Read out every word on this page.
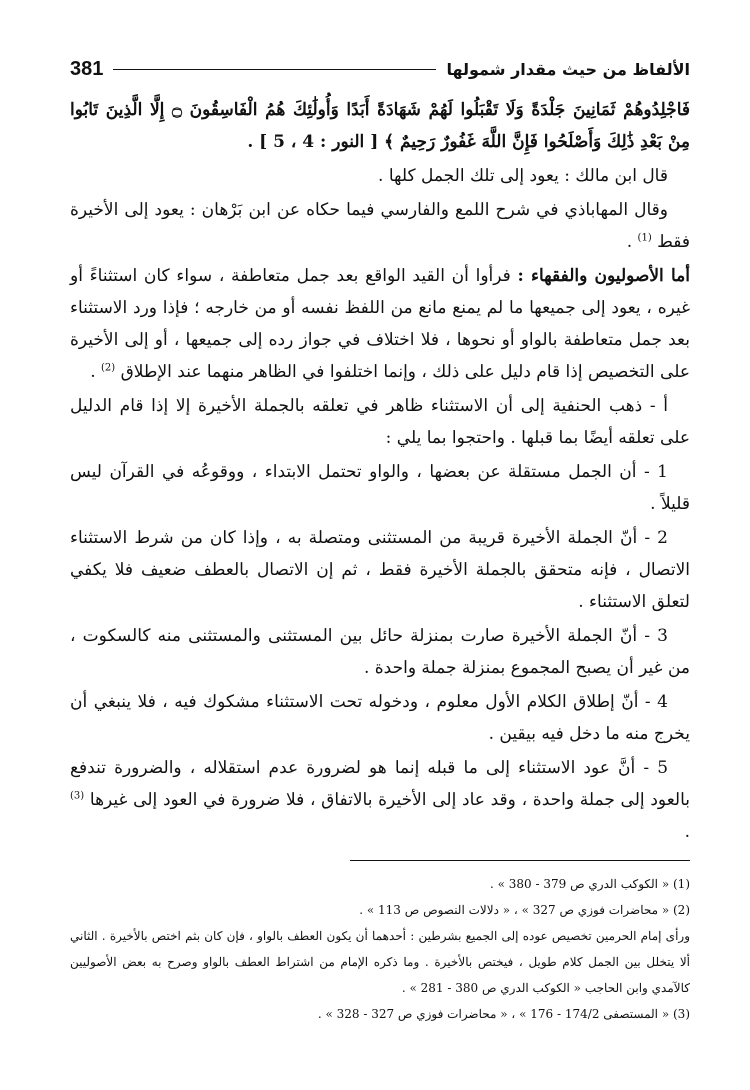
الألفاظ من حيث مقدار شمولها
381

فَاجْلِدُوهُمْ ثَمَانِينَ جَلْدَةً وَلَا تَقْبَلُوا لَهُمْ شَهَادَةً أَبَدًا وَأُولَٰئِكَ هُمُ الْفَاسِقُونَ ۝ إِلَّا الَّذِينَ تَابُوا مِنْ بَعْدِ ذَٰلِكَ وَأَصْلَحُوا فَإِنَّ اللَّهَ غَفُورٌ رَحِيمٌ ﴾ [ النور : 4 ، 5 ] .

قال ابن مالك : يعود إلى تلك الجمل كلها .

وقال المهاباذي في شرح اللمع والفارسي فيما حكاه عن ابن بَرْهان : يعود إلى الأخيرة فقط $^{(1)}$ .

أما الأصوليون والفقهاء : فرأوا أن القيد الواقع بعد جمل متعاطفة ، سواء كان استثناءً أو غيره ، يعود إلى جميعها ما لم يمنع مانع من اللفظ نفسه أو من خارجه ؛ فإذا ورد الاستثناء بعد جمل متعاطفة بالواو أو نحوها ، فلا اختلاف في جواز رده إلى جميعها ، أو إلى الأخيرة على التخصيص إذا قام دليل على ذلك ، وإنما اختلفوا في الظاهر منهما عند الإطلاق $^{(2)}$ .

أ - ذهب الحنفية إلى أن الاستثناء ظاهر في تعلقه بالجملة الأخيرة إلا إذا قام الدليل على تعلقه أيضًا بما قبلها . واحتجوا بما يلي :

1 - أن الجمل مستقلة عن بعضها ، والواو تحتمل الابتداء ، ووقوعُه في القرآن ليس قليلاً .

2 - أنّ الجملة الأخيرة قريبة من المستثنى ومتصلة به ، وإذا كان من شرط الاستثناء الاتصال ، فإنه متحقق بالجملة الأخيرة فقط ، ثم إن الاتصال بالعطف ضعيف فلا يكفي لتعلق الاستثناء .

3 - أنّ الجملة الأخيرة صارت بمنزلة حائل بين المستثنى والمستثنى منه كالسكوت ، من غير أن يصبح المجموع بمنزلة جملة واحدة .

4 - أنّ إطلاق الكلام الأول معلوم ، ودخوله تحت الاستثناء مشكوك فيه ، فلا ينبغي أن يخرج منه ما دخل فيه بيقين .

5 - أنَّ عود الاستثناء إلى ما قبله إنما هو لضرورة عدم استقلاله ، والضرورة تندفع بالعود إلى جملة واحدة ، وقد عاد إلى الأخيرة بالاتفاق ، فلا ضرورة في العود إلى غيرها $^{(3)}$ .

(1) « الكوكب الدري ص 379 - 380 » .

(2) « محاضرات فوزي ص 327 » ، « دلالات النصوص ص 113 » .

ورأى إمام الحرمين تخصيص عوده إلى الجميع بشرطين : أحدهما أن يكون العطف بالواو ، فإن كان بثم اختص بالأخيرة . الثاني ألا يتخلل بين الجمل كلام طويل ، فيختص بالأخيرة . وما ذكره الإمام من اشتراط العطف بالواو وصرح به بعض الأصوليين كالآمدي وابن الحاجب « الكوكب الدري ص 380 - 281 » .

(3) « المستصفى 174/2 - 176 » ، « محاضرات فوزي ص 327 - 328 » .
